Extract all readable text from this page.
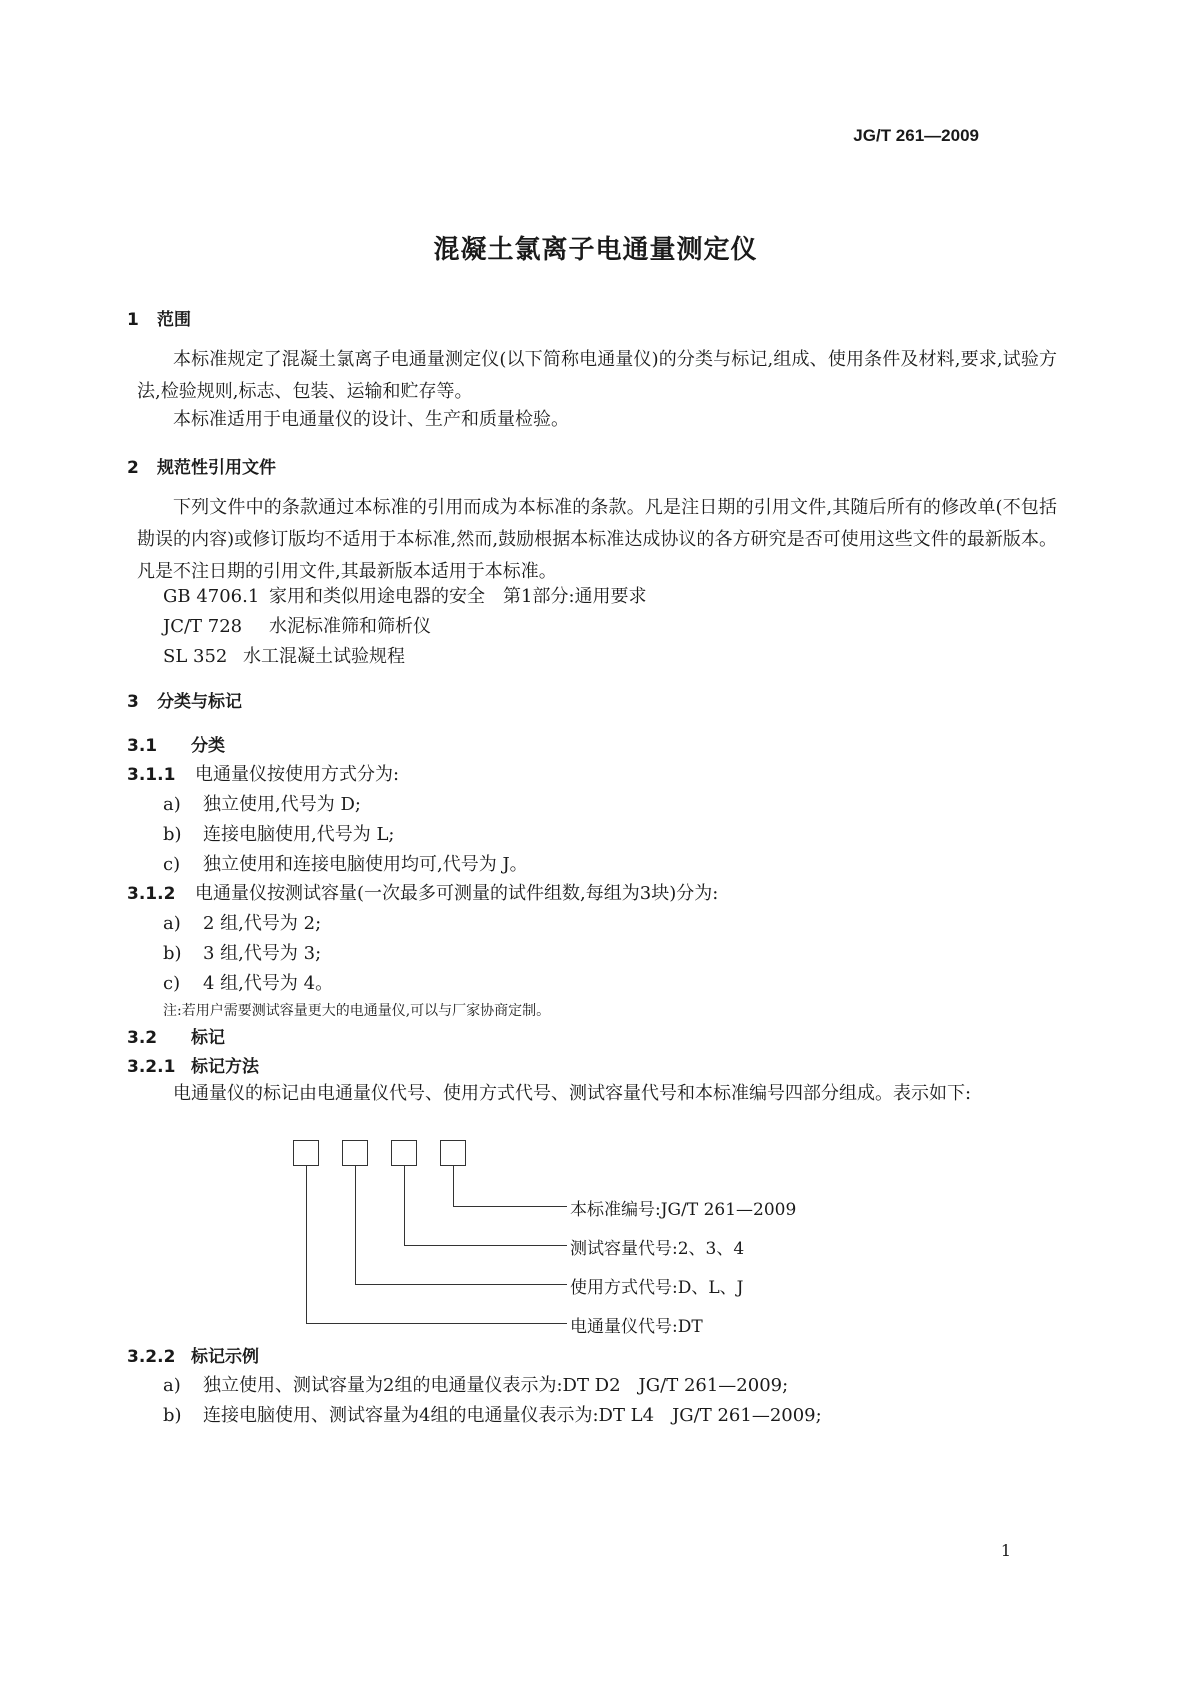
JG/T 261—2009
混凝土氯离子电通量测定仪
1 范围
本标准规定了混凝土氯离子电通量测定仪(以下简称电通量仪)的分类与标记,组成、使用条件及材料,要求,试验方法,检验规则,标志、包装、运输和贮存等。
本标准适用于电通量仪的设计、生产和质量检验。
2 规范性引用文件
下列文件中的条款通过本标准的引用而成为本标准的条款。凡是注日期的引用文件,其随后所有的修改单(不包括勘误的内容)或修订版均不适用于本标准,然而,鼓励根据本标准达成协议的各方研究是否可使用这些文件的最新版本。凡是不注日期的引用文件,其最新版本适用于本标准。
GB 4706.1 家用和类似用途电器的安全　第1部分:通用要求
JC/T 728 水泥标准筛和筛析仪
SL 352 水工混凝土试验规程
3 分类与标记
3.1 分类
3.1.1 电通量仪按使用方式分为:
a) 独立使用,代号为 D;
b) 连接电脑使用,代号为 L;
c) 独立使用和连接电脑使用均可,代号为 J。
3.1.2 电通量仪按测试容量(一次最多可测量的试件组数,每组为3块)分为:
a) 2 组,代号为 2;
b) 3 组,代号为 3;
c) 4 组,代号为 4。
注:若用户需要测试容量更大的电通量仪,可以与厂家协商定制。
3.2 标记
3.2.1 标记方法
电通量仪的标记由电通量仪代号、使用方式代号、测试容量代号和本标准编号四部分组成。表示如下:
本标准编号:JG/T 261—2009
测试容量代号:2、3、4
使用方式代号:D、L、J
电通量仪代号:DT
3.2.2 标记示例
a) 独立使用、测试容量为2组的电通量仪表示为:DT D2　JG/T 261—2009;
b) 连接电脑使用、测试容量为4组的电通量仪表示为:DT L4　JG/T 261—2009;
1
